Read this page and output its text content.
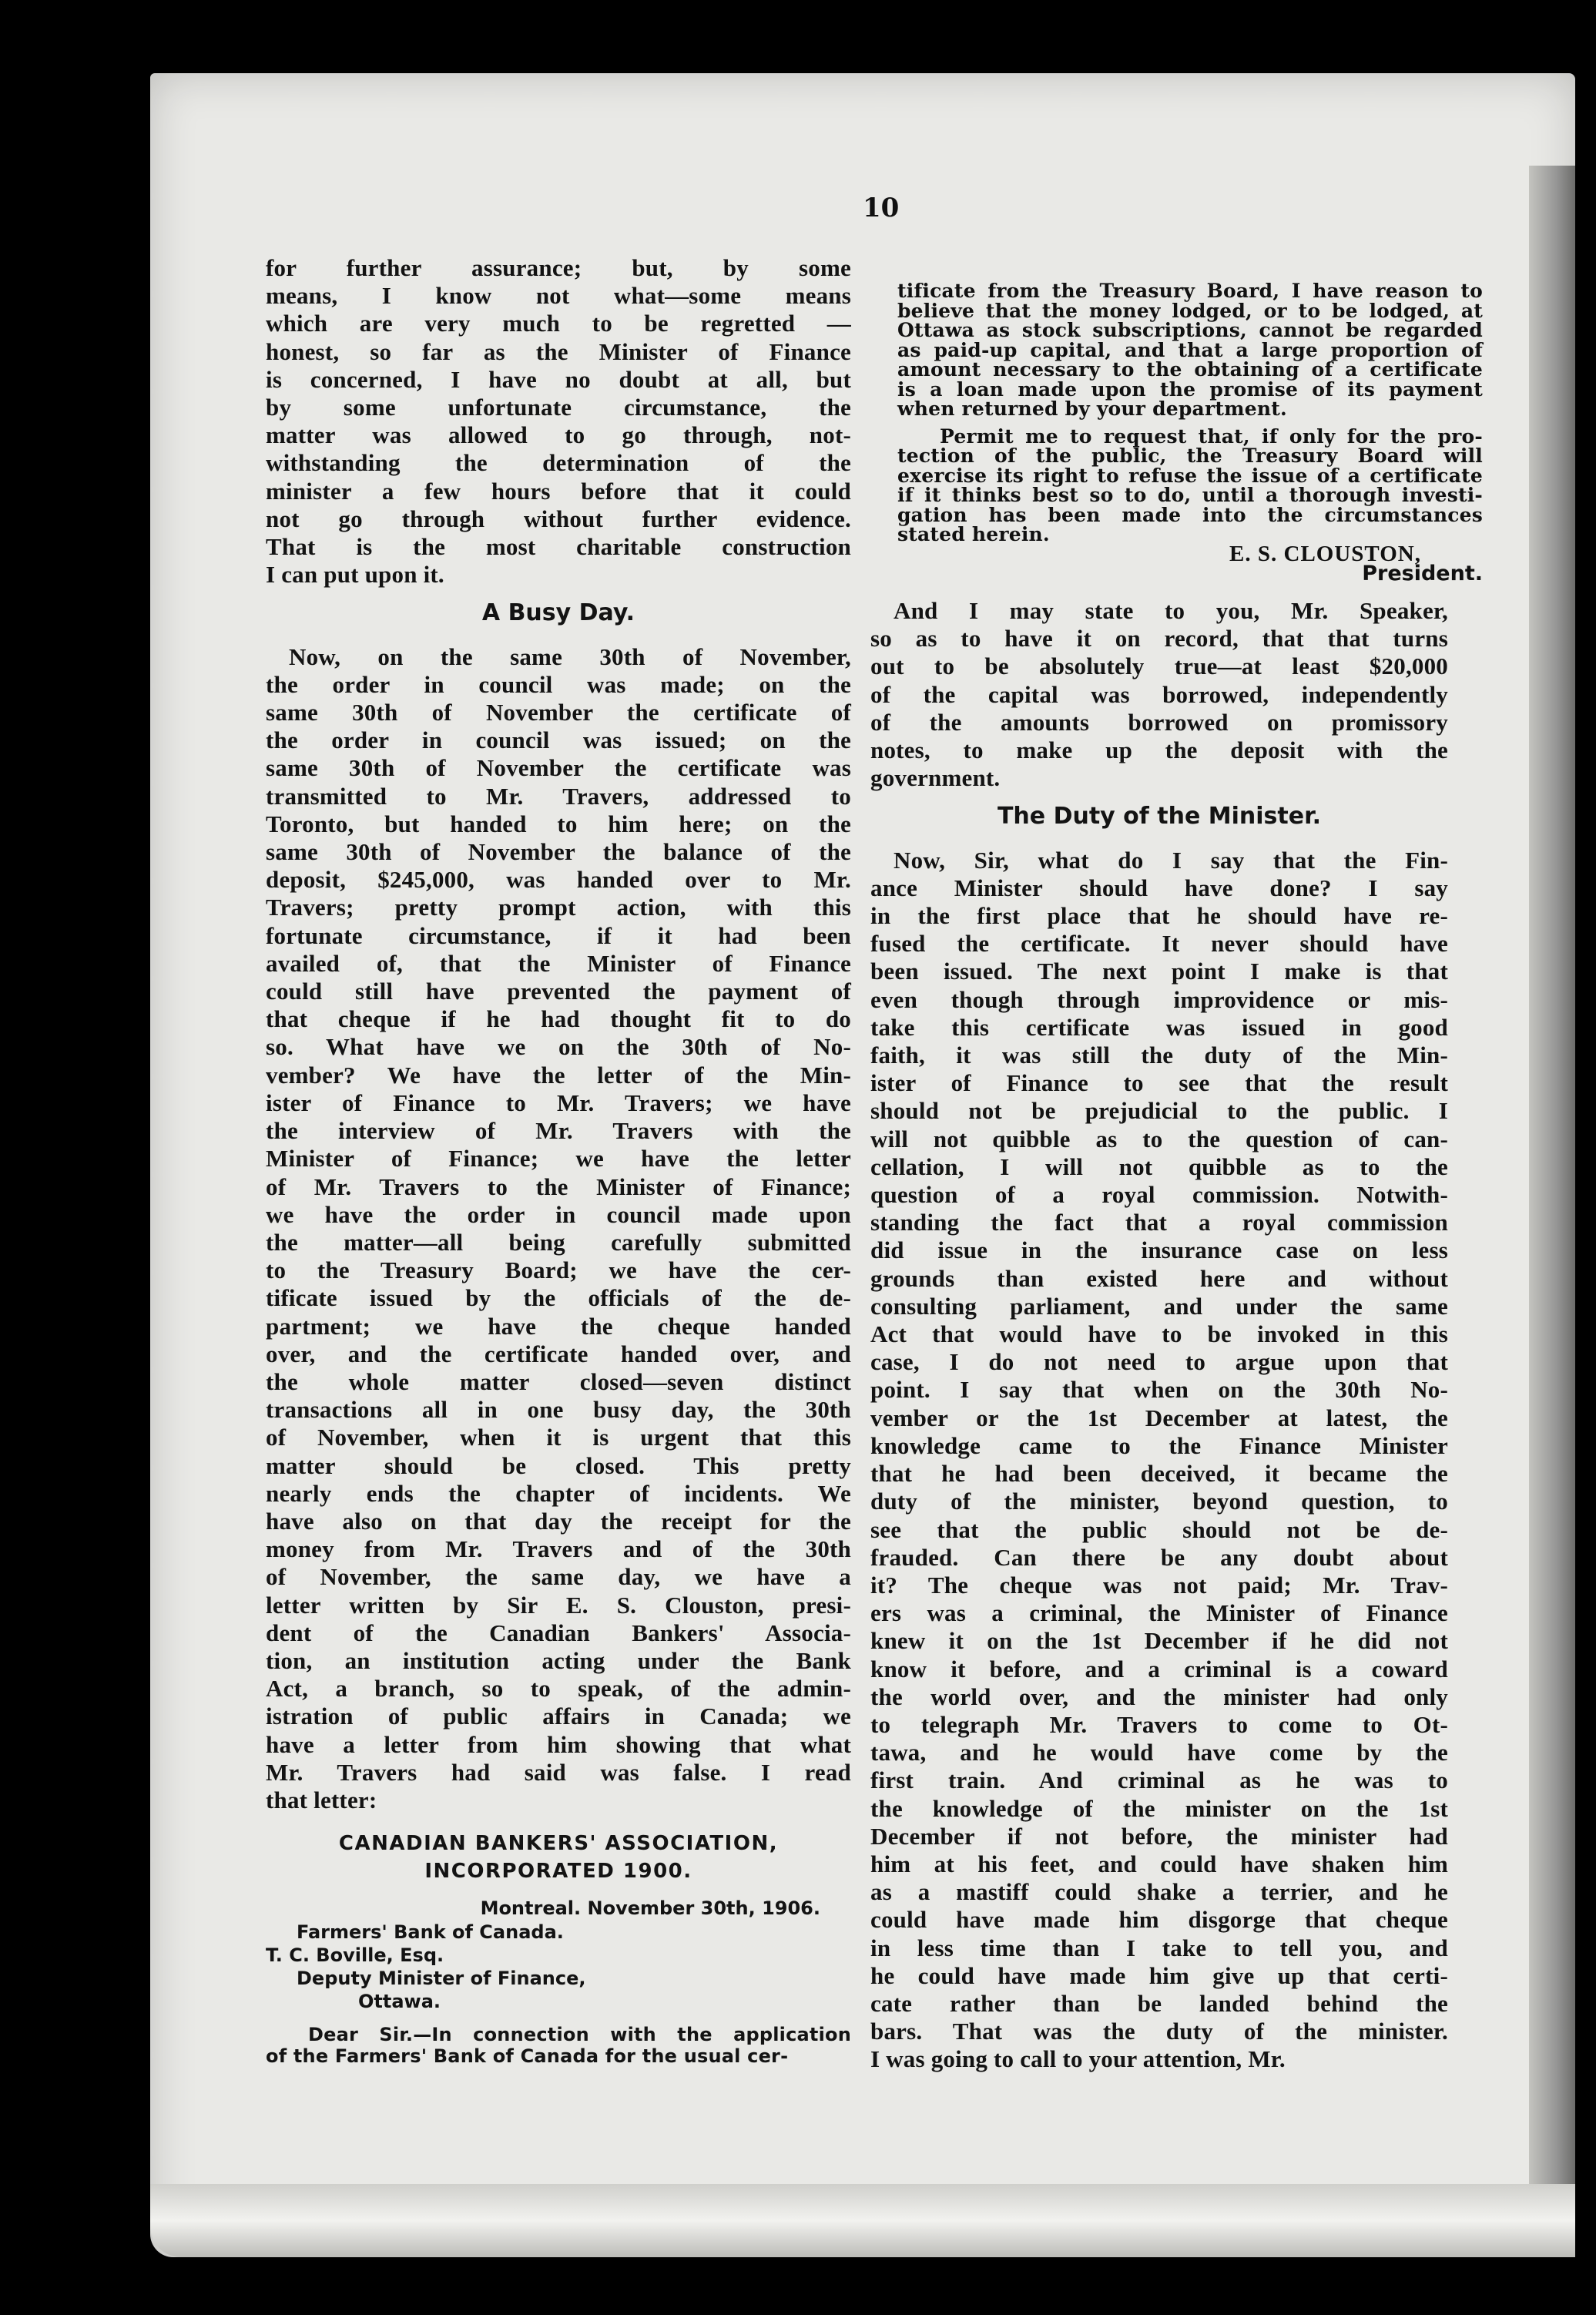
10
for further assurance; but, by some
means, I know not what—some means
which are very much to be regretted —
honest, so far as the Minister of Finance
is concerned, I have no doubt at all, but
by some unfortunate circumstance, the
matter was allowed to go through, not-
withstanding the determination of the
minister a few hours before that it could
not go through without further evidence.
That is the most charitable construction
I can put upon it.
A Busy Day.
Now, on the same 30th of November,
the order in council was made; on the
same 30th of November the certificate of
the order in council was issued; on the
same 30th of November the certificate was
transmitted to Mr. Travers, addressed to
Toronto, but handed to him here; on the
same 30th of November the balance of the
deposit, $245,000, was handed over to Mr.
Travers; pretty prompt action, with this
fortunate circumstance, if it had been
availed of, that the Minister of Finance
could still have prevented the payment of
that cheque if he had thought fit to do
so. What have we on the 30th of No-
vember? We have the letter of the Min-
ister of Finance to Mr. Travers; we have
the interview of Mr. Travers with the
Minister of Finance; we have the letter
of Mr. Travers to the Minister of Finance;
we have the order in council made upon
the matter—all being carefully submitted
to the Treasury Board; we have the cer-
tificate issued by the officials of the de-
partment; we have the cheque handed
over, and the certificate handed over, and
the whole matter closed—seven distinct
transactions all in one busy day, the 30th
of November, when it is urgent that this
matter should be closed. This pretty
nearly ends the chapter of incidents. We
have also on that day the receipt for the
money from Mr. Travers and of the 30th
of November, the same day, we have a
letter written by Sir E. S. Clouston, presi-
dent of the Canadian Bankers' Associa-
tion, an institution acting under the Bank
Act, a branch, so to speak, of the admin-
istration of public affairs in Canada; we
have a letter from him showing that what
Mr. Travers had said was false. I read
that letter:
CANADIAN BANKERS' ASSOCIATION,
INCORPORATED 1900.
Montreal. November 30th, 1906.
Farmers' Bank of Canada.
T. C. Boville, Esq.
Deputy Minister of Finance,
Ottawa.
Dear Sir.—In connection with the application
of the Farmers' Bank of Canada for the usual cer-
tificate from the Treasury Board, I have reason to
believe that the money lodged, or to be lodged, at
Ottawa as stock subscriptions, cannot be regarded
as paid-up capital, and that a large proportion of
amount necessary to the obtaining of a certificate
is a loan made upon the promise of its payment
when returned by your department.
Permit me to request that, if only for the pro-
tection of the public, the Treasury Board will
exercise its right to refuse the issue of a certificate
if it thinks best so to do, until a thorough investi-
gation has been made into the circumstances
stated herein.
E. S. CLOUSTON,
President.
And I may state to you, Mr. Speaker,
so as to have it on record, that that turns
out to be absolutely true—at least $20,000
of the capital was borrowed, independently
of the amounts borrowed on promissory
notes, to make up the deposit with the
government.
The Duty of the Minister.
Now, Sir, what do I say that the Fin-
ance Minister should have done? I say
in the first place that he should have re-
fused the certificate. It never should have
been issued. The next point I make is that
even though through improvidence or mis-
take this certificate was issued in good
faith, it was still the duty of the Min-
ister of Finance to see that the result
should not be prejudicial to the public. I
will not quibble as to the question of can-
cellation, I will not quibble as to the
question of a royal commission. Notwith-
standing the fact that a royal commission
did issue in the insurance case on less
grounds than existed here and without
consulting parliament, and under the same
Act that would have to be invoked in this
case, I do not need to argue upon that
point. I say that when on the 30th No-
vember or the 1st December at latest, the
knowledge came to the Finance Minister
that he had been deceived, it became the
duty of the minister, beyond question, to
see that the public should not be de-
frauded. Can there be any doubt about
it? The cheque was not paid; Mr. Trav-
ers was a criminal, the Minister of Finance
knew it on the 1st December if he did not
know it before, and a criminal is a coward
the world over, and the minister had only
to telegraph Mr. Travers to come to Ot-
tawa, and he would have come by the
first train. And criminal as he was to
the knowledge of the minister on the 1st
December if not before, the minister had
him at his feet, and could have shaken him
as a mastiff could shake a terrier, and he
could have made him disgorge that cheque
in less time than I take to tell you, and
he could have made him give up that certi-
cate rather than be landed behind the
bars. That was the duty of the minister.
I was going to call to your attention, Mr.
